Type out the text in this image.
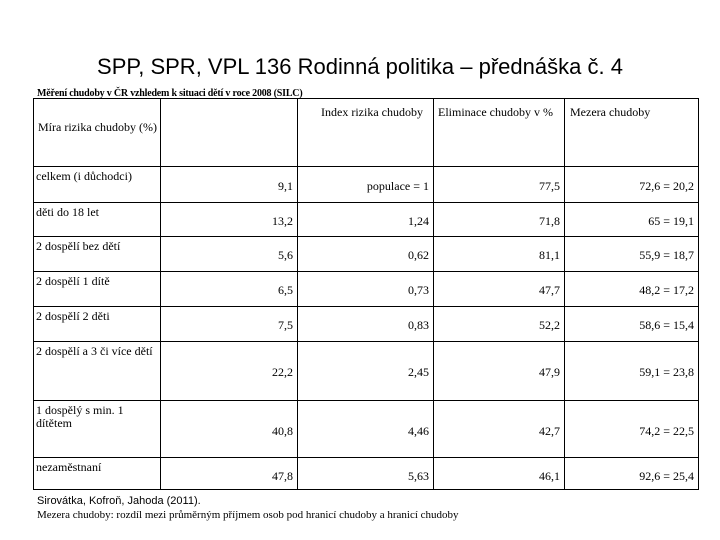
SPP, SPR, VPL 136 Rodinná politika – přednáška č. 4
Měření chudoby v ČR vzhledem k situaci dětí v roce 2008 (SILC)
Míra rizika chudoby (%)		Index rizika chudoby	Eliminace chudoby v %	Mezera chudoby

celkem (i důchodci)	9,1	populace = 1	77,5	72,6 = 20,2

děti do 18 let	13,2	1,24	71,8	65 = 19,1

2 dospělí bez dětí	5,6	0,62	81,1	55,9 = 18,7

2 dospělí 1 dítě	6,5	0,73	47,7	48,2 = 17,2

2 dospělí 2 děti	7,5	0,83	52,2	58,6 = 15,4

2 dospělí a 3 či více dětí	22,2	2,45	47,9	59,1 = 23,8

1 dospělý s min. 1 dítětem	40,8	4,46	42,7	74,2 = 22,5

nezaměstnaní	47,8	5,63	46,1	92,6 = 25,4
Sirovátka, Kofroň, Jahoda (2011).
Mezera chudoby: rozdíl mezi průměrným příjmem osob pod hranicí chudoby a hranicí chudoby
